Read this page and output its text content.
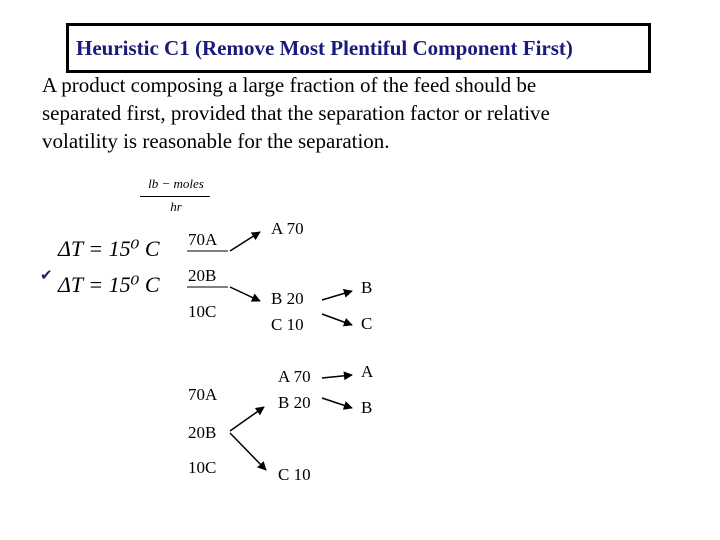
Heuristic C1 (Remove Most Plentiful Component First)
A product composing a large fraction of the feed should be
separated first, provided that the separation factor or relative
volatility is reasonable for the separation.
lb − moles
hr
ΔT = 15⁰ C
✔ ΔT = 15⁰ C
70A
20B
10C
A 70
B 20
C 10
B
C
70A
20B
10C
A 70
B 20
C 10
A
B
